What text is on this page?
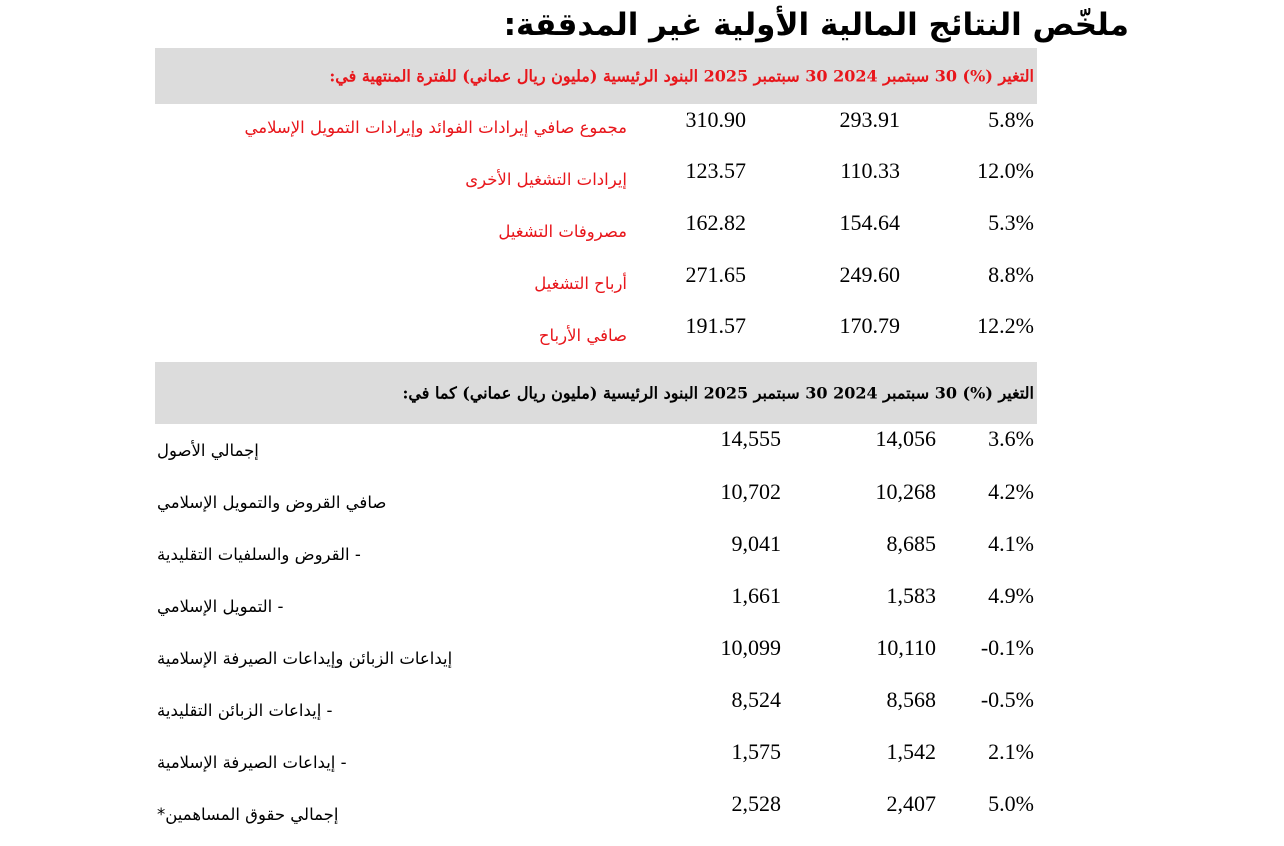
ملخّص النتائج المالية الأولية غير المدققة:
التغير (%) 30 سبتمبر 2024 30 سبتمبر 2025 البنود الرئيسية (مليون ريال عماني) للفترة المنتهية في:
مجموع صافي إيرادات الفوائد وإيرادات التمويل الإسلامي	310.90	293.91	5.8%
إيرادات التشغيل الأخرى	123.57	110.33	12.0%
مصروفات التشغيل	162.82	154.64	5.3%
أرباح التشغيل	271.65	249.60	8.8%
صافي الأرباح	191.57	170.79	12.2%
التغير (%) 30 سبتمبر 2024 30 سبتمبر 2025 البنود الرئيسية (مليون ريال عماني) كما في:
إجمالي الأصول	14,555	14,056 3.6%
صافي القروض والتمويل الإسلامي	10,702	10,268 4.2%
- القروض والسلفيات التقليدية	9,041	8,685 4.1%
- التمويل الإسلامي	1,661	1,583 4.9%
إيداعات الزبائن وإيداعات الصيرفة الإسلامية	10,099	10,110 -0.1%
- إيداعات الزبائن التقليدية	8,524	8,568 -0.5%
- إيداعات الصيرفة الإسلامية	1,575	1,542 2.1%
إجمالي حقوق المساهمين*	2,528	2,407 5.0%
